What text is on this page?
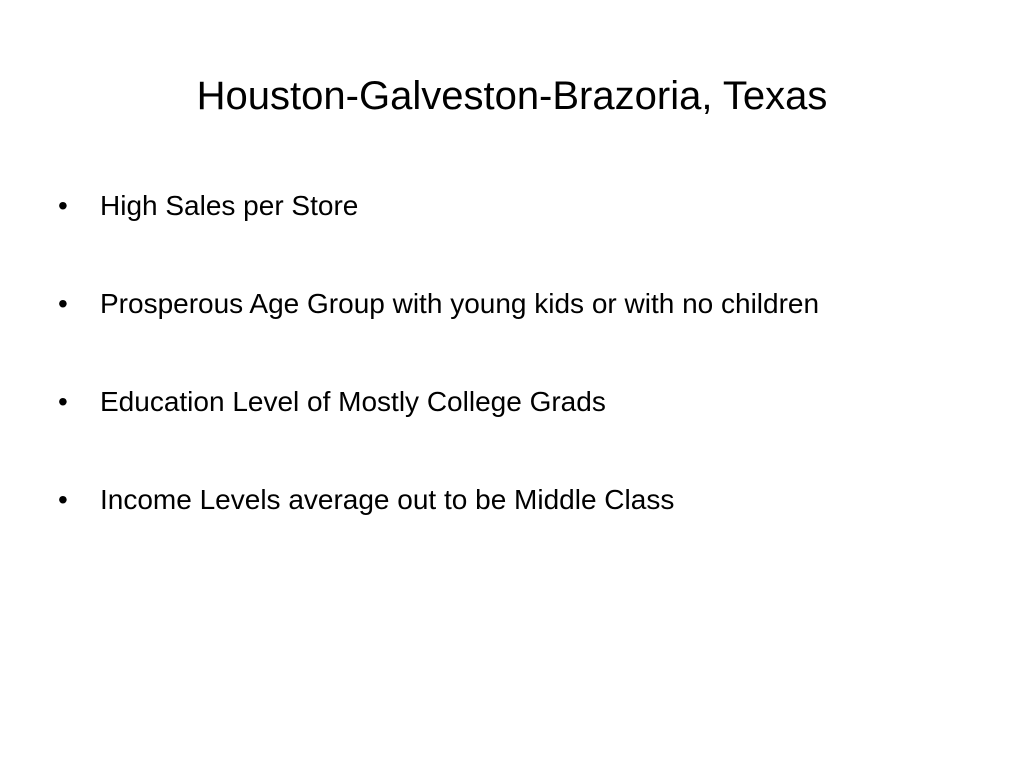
Houston-Galveston-Brazoria, Texas
•	High Sales per Store
•	Prosperous Age Group with young kids or with no children
•	Education Level of Mostly College Grads
•	Income Levels average out to be Middle Class
